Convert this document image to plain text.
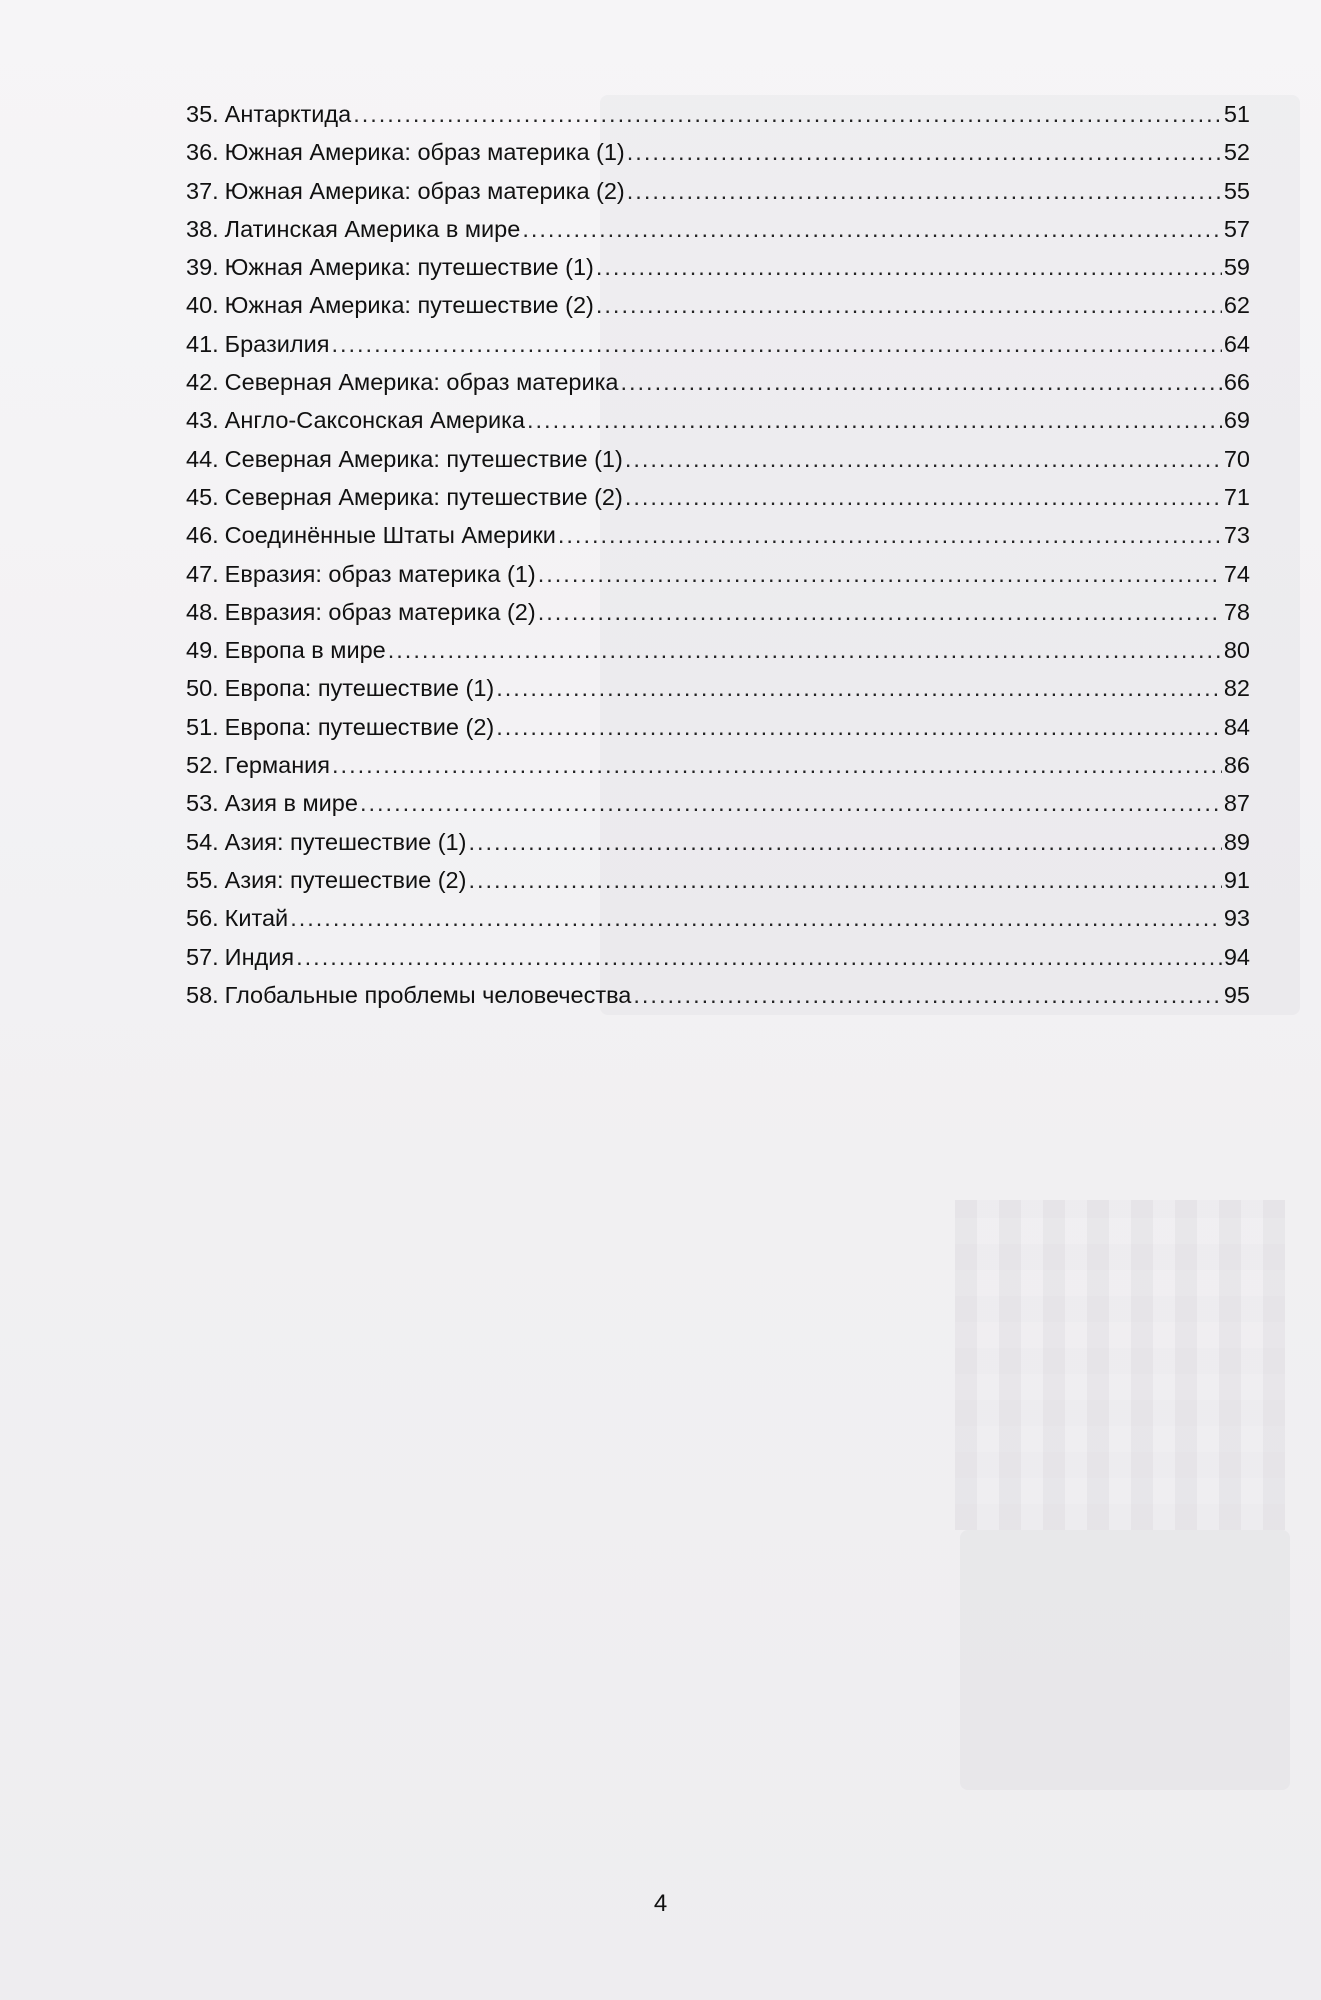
35. Антарктида .....	51
36. Южная Америка: образ материка (1) .....	52
37. Южная Америка: образ материка (2) .....	55
38. Латинская Америка в мире .....	57
39. Южная Америка: путешествие (1) .....	59
40. Южная Америка: путешествие (2) .....	62
41. Бразилия .....	64
42. Северная Америка: образ материка .....	66
43. Англо-Саксонская Америка .....	69
44. Северная Америка: путешествие (1) .....	70
45. Северная Америка: путешествие (2) .....	71
46. Соединённые Штаты Америки .....	73
47. Евразия: образ материка (1) .....	74
48. Евразия: образ материка (2) .....	78
49. Европа в мире .....	80
50. Европа: путешествие (1) .....	82
51. Европа: путешествие (2) .....	84
52. Германия .....	86
53. Азия в мире .....	87
54. Азия: путешествие (1) .....	89
55. Азия: путешествие (2) .....	91
56. Китай .....	93
57. Индия .....	94
58. Глобальные проблемы человечества .....	95
4
